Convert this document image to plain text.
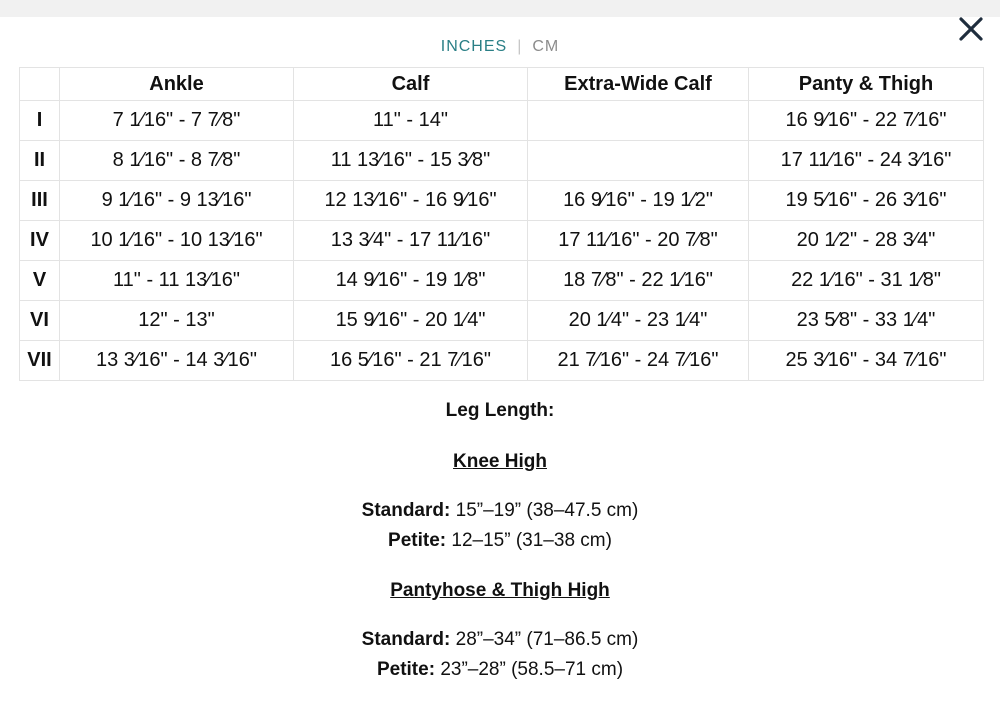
INCHES | CM
	Ankle	Calf	Extra-Wide Calf	Panty & Thigh
I	7 1⁄16" - 7 7⁄8"	11" - 14"		16 9⁄16" - 22 7⁄16"
II	8 1⁄16" - 8 7⁄8"	11 13⁄16" - 15 3⁄8"		17 11⁄16" - 24 3⁄16"
III	9 1⁄16" - 9 13⁄16"	12 13⁄16" - 16 9⁄16"	16 9⁄16" - 19 1⁄2"	19 5⁄16" - 26 3⁄16"
IV	10 1⁄16" - 10 13⁄16"	13 3⁄4" - 17 11⁄16"	17 11⁄16" - 20 7⁄8"	20 1⁄2" - 28 3⁄4"
V	11" - 11 13⁄16"	14 9⁄16" - 19 1⁄8"	18 7⁄8" - 22 1⁄16"	22 1⁄16" - 31 1⁄8"
VI	12" - 13"	15 9⁄16" - 20 1⁄4"	20 1⁄4" - 23 1⁄4"	23 5⁄8" - 33 1⁄4"
VII	13 3⁄16" - 14 3⁄16"	16 5⁄16" - 21 7⁄16"	21 7⁄16" - 24 7⁄16"	25 3⁄16" - 34 7⁄16"
Leg Length:
Knee High
Standard: 15”–19” (38–47.5 cm)
Petite: 12–15” (31–38 cm)
Pantyhose & Thigh High
Standard: 28”–34” (71–86.5 cm)
Petite: 23”–28” (58.5–71 cm)
